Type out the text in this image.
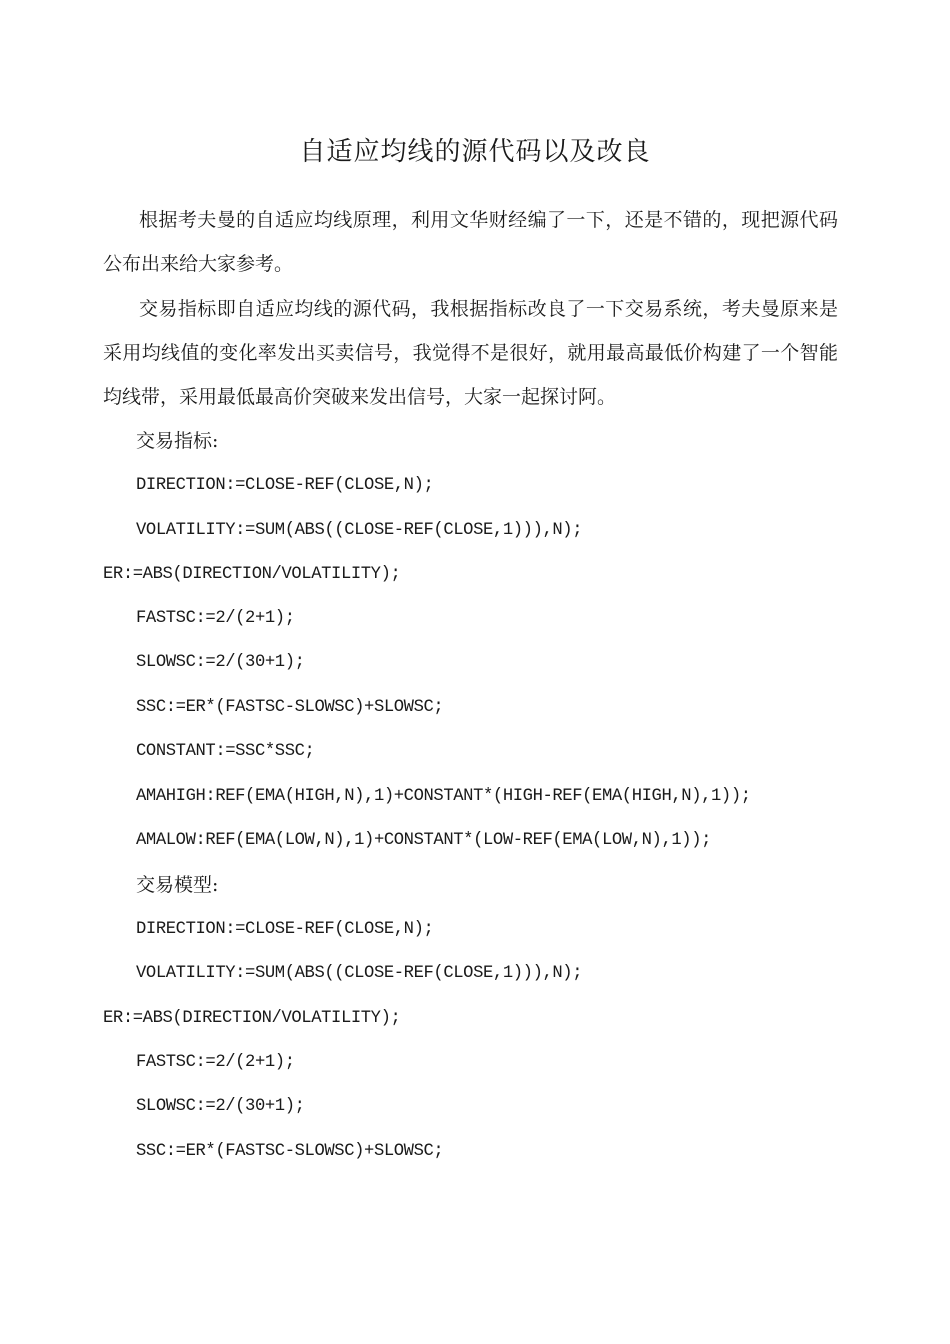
自适应均线的源代码以及改良
根据考夫曼的自适应均线原理，利用文华财经编了一下，还是不错的，现把源代码公布出来给大家参考。
交易指标即自适应均线的源代码，我根据指标改良了一下交易系统，考夫曼原来是采用均线值的变化率发出买卖信号，我觉得不是很好，就用最高最低价构建了一个智能均线带，采用最低最高价突破来发出信号，大家一起探讨阿。
交易指标:
DIRECTION:=CLOSE-REF(CLOSE,N);
VOLATILITY:=SUM(ABS((CLOSE-REF(CLOSE,1))),N);
ER:=ABS(DIRECTION/VOLATILITY);
FASTSC:=2/(2+1);
SLOWSC:=2/(30+1);
SSC:=ER*(FASTSC-SLOWSC)+SLOWSC;
CONSTANT:=SSC*SSC;
AMAHIGH:REF(EMA(HIGH,N),1)+CONSTANT*(HIGH-REF(EMA(HIGH,N),1));
AMALOW:REF(EMA(LOW,N),1)+CONSTANT*(LOW-REF(EMA(LOW,N),1));
交易模型:
DIRECTION:=CLOSE-REF(CLOSE,N);
VOLATILITY:=SUM(ABS((CLOSE-REF(CLOSE,1))),N);
ER:=ABS(DIRECTION/VOLATILITY);
FASTSC:=2/(2+1);
SLOWSC:=2/(30+1);
SSC:=ER*(FASTSC-SLOWSC)+SLOWSC;
